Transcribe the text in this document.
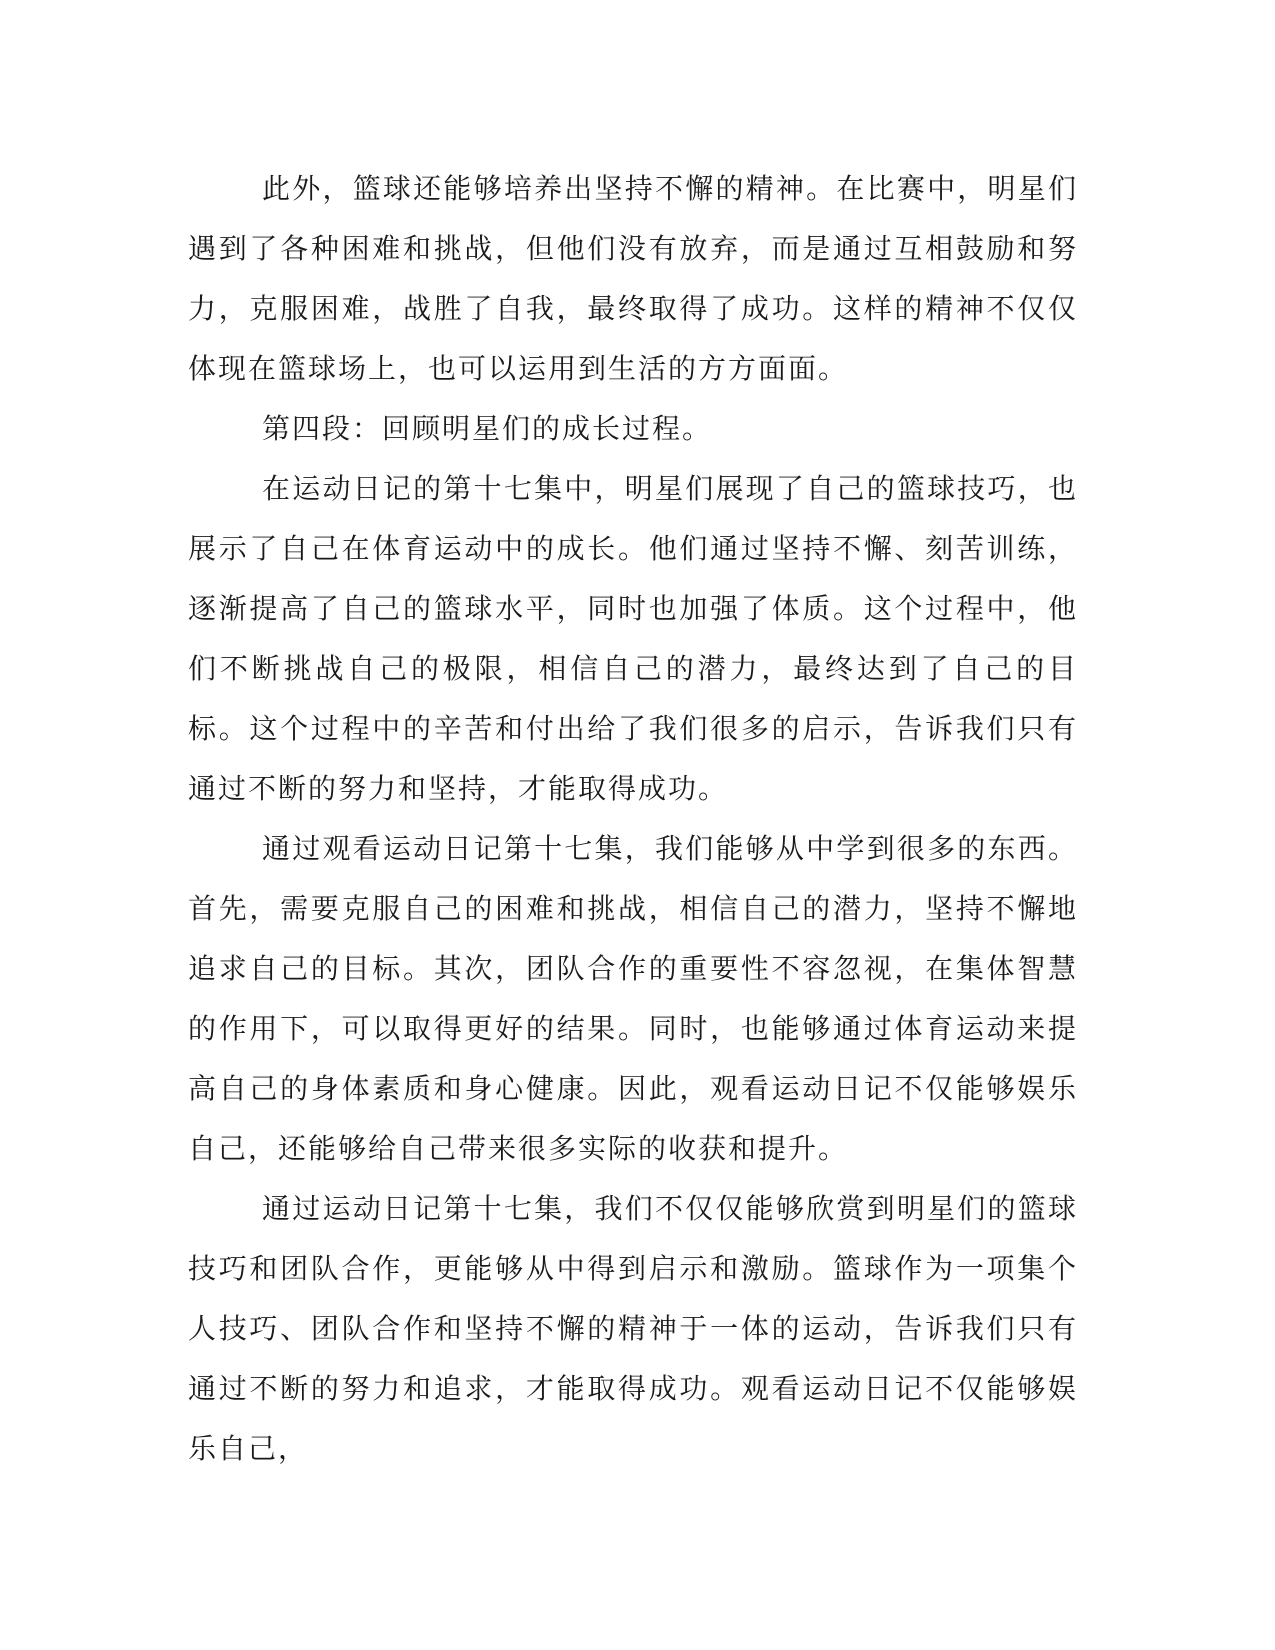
此外，篮球还能够培养出坚持不懈的精神。在比赛中，明星们遇到了各种困难和挑战，但他们没有放弃，而是通过互相鼓励和努力，克服困难，战胜了自我，最终取得了成功。这样的精神不仅仅体现在篮球场上，也可以运用到生活的方方面面。

第四段：回顾明星们的成长过程。

在运动日记的第十七集中，明星们展现了自己的篮球技巧，也展示了自己在体育运动中的成长。他们通过坚持不懈、刻苦训练，逐渐提高了自己的篮球水平，同时也加强了体质。这个过程中，他们不断挑战自己的极限，相信自己的潜力，最终达到了自己的目标。这个过程中的辛苦和付出给了我们很多的启示，告诉我们只有通过不断的努力和坚持，才能取得成功。

通过观看运动日记第十七集，我们能够从中学到很多的东西。首先，需要克服自己的困难和挑战，相信自己的潜力，坚持不懈地追求自己的目标。其次，团队合作的重要性不容忽视，在集体智慧的作用下，可以取得更好的结果。同时，也能够通过体育运动来提高自己的身体素质和身心健康。因此，观看运动日记不仅能够娱乐自己，还能够给自己带来很多实际的收获和提升。

通过运动日记第十七集，我们不仅仅能够欣赏到明星们的篮球技巧和团队合作，更能够从中得到启示和激励。篮球作为一项集个人技巧、团队合作和坚持不懈的精神于一体的运动，告诉我们只有通过不断的努力和追求，才能取得成功。观看运动日记不仅能够娱乐自己，
